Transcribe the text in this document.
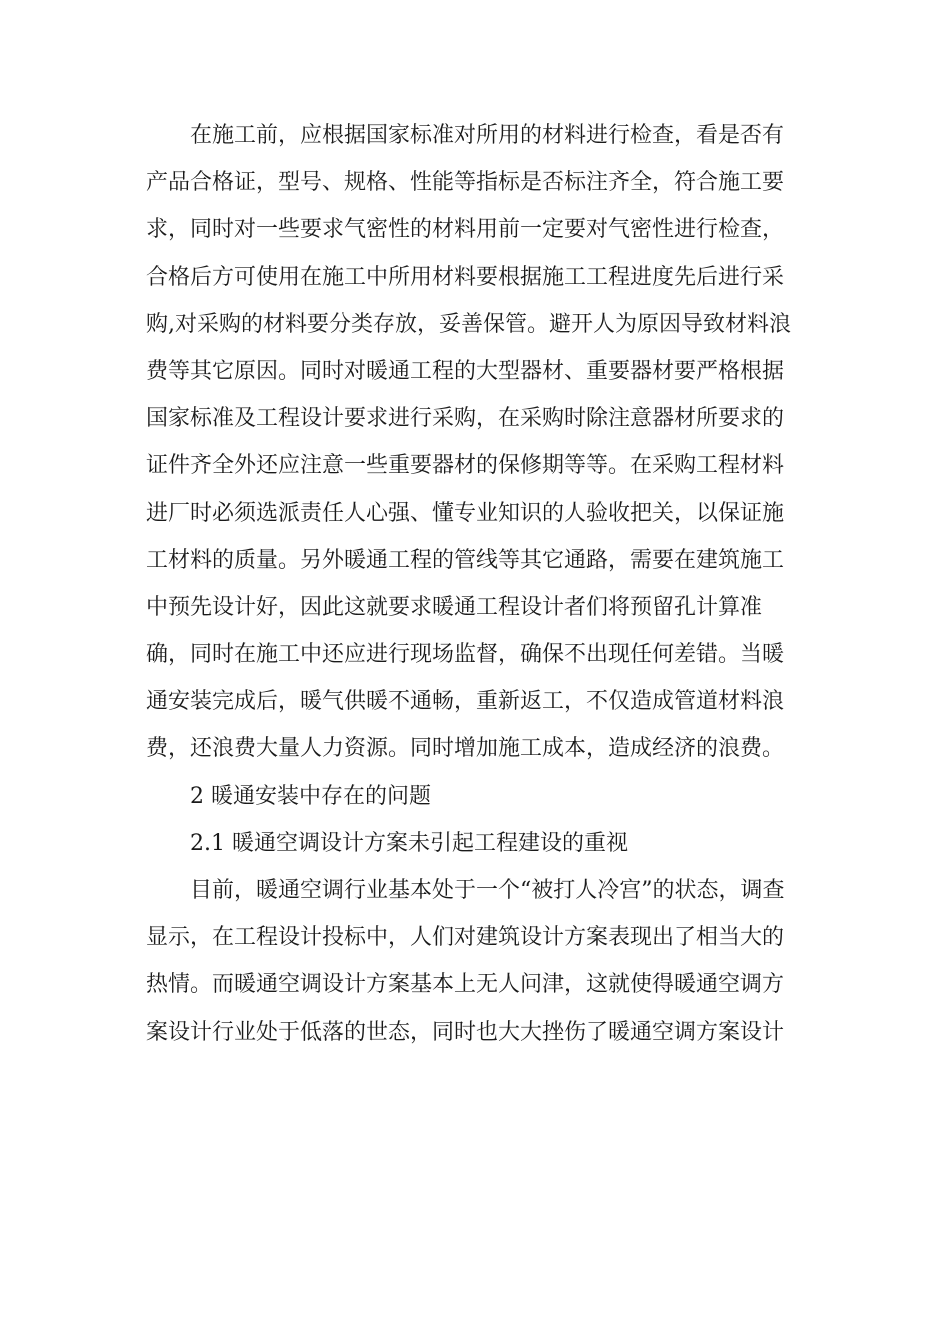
在施工前，应根据国家标准对所用的材料进行检查，看是否有
产品合格证，型号、规格、性能等指标是否标注齐全，符合施工要
求，同时对一些要求气密性的材料用前一定要对气密性进行检查，
合格后方可使用在施工中所用材料要根据施工工程进度先后进行采
购,对采购的材料要分类存放，妥善保管。避开人为原因导致材料浪
费等其它原因。同时对暖通工程的大型器材、重要器材要严格根据
国家标准及工程设计要求进行采购，在采购时除注意器材所要求的
证件齐全外还应注意一些重要器材的保修期等等。在采购工程材料
进厂时必须选派责任人心强、懂专业知识的人验收把关，以保证施
工材料的质量。另外暖通工程的管线等其它通路，需要在建筑施工
中预先设计好，因此这就要求暖通工程设计者们将预留孔计算准
确，同时在施工中还应进行现场监督，确保不出现任何差错。当暖
通安装完成后，暖气供暖不通畅，重新返工，不仅造成管道材料浪
费，还浪费大量人力资源。同时增加施工成本，造成经济的浪费。
2 暖通安装中存在的问题
2.1 暖通空调设计方案未引起工程建设的重视
目前，暖通空调行业基本处于一个“被打人冷宫”的状态，调查
显示，在工程设计投标中，人们对建筑设计方案表现出了相当大的
热情。而暖通空调设计方案基本上无人问津，这就使得暖通空调方
案设计行业处于低落的世态，同时也大大挫伤了暖通空调方案设计
